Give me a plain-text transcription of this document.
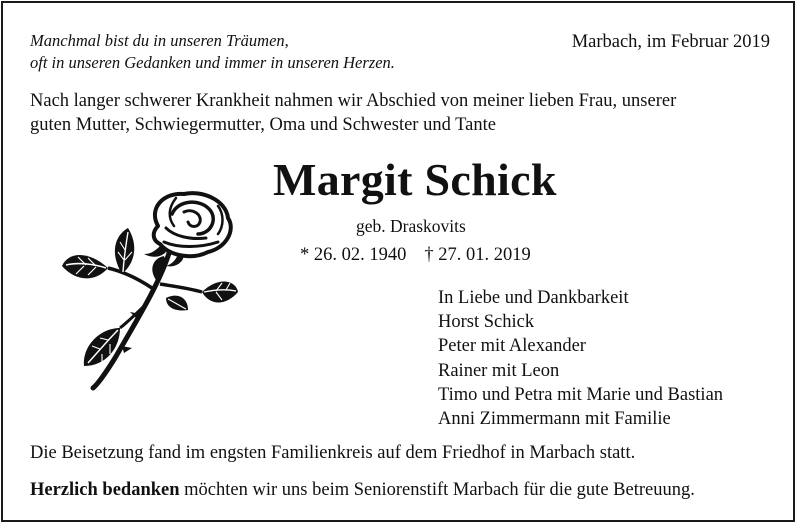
Manchmal bist du in unseren Träumen,
oft in unseren Gedanken und immer in unseren Herzen.
Marbach, im Februar 2019
Nach langer schwerer Krankheit nahmen wir Abschied von meiner lieben Frau, unserer
guten Mutter, Schwiegermutter, Oma und Schwester und Tante
Margit Schick
geb. Draskovits
* 26. 02. 1940 † 27. 01. 2019
In Liebe und Dankbarkeit
Horst Schick
Peter mit Alexander
Rainer mit Leon
Timo und Petra mit Marie und Bastian
Anni Zimmermann mit Familie
Die Beisetzung fand im engsten Familienkreis auf dem Friedhof in Marbach statt.
Herzlich bedanken möchten wir uns beim Seniorenstift Marbach für die gute Betreuung.
